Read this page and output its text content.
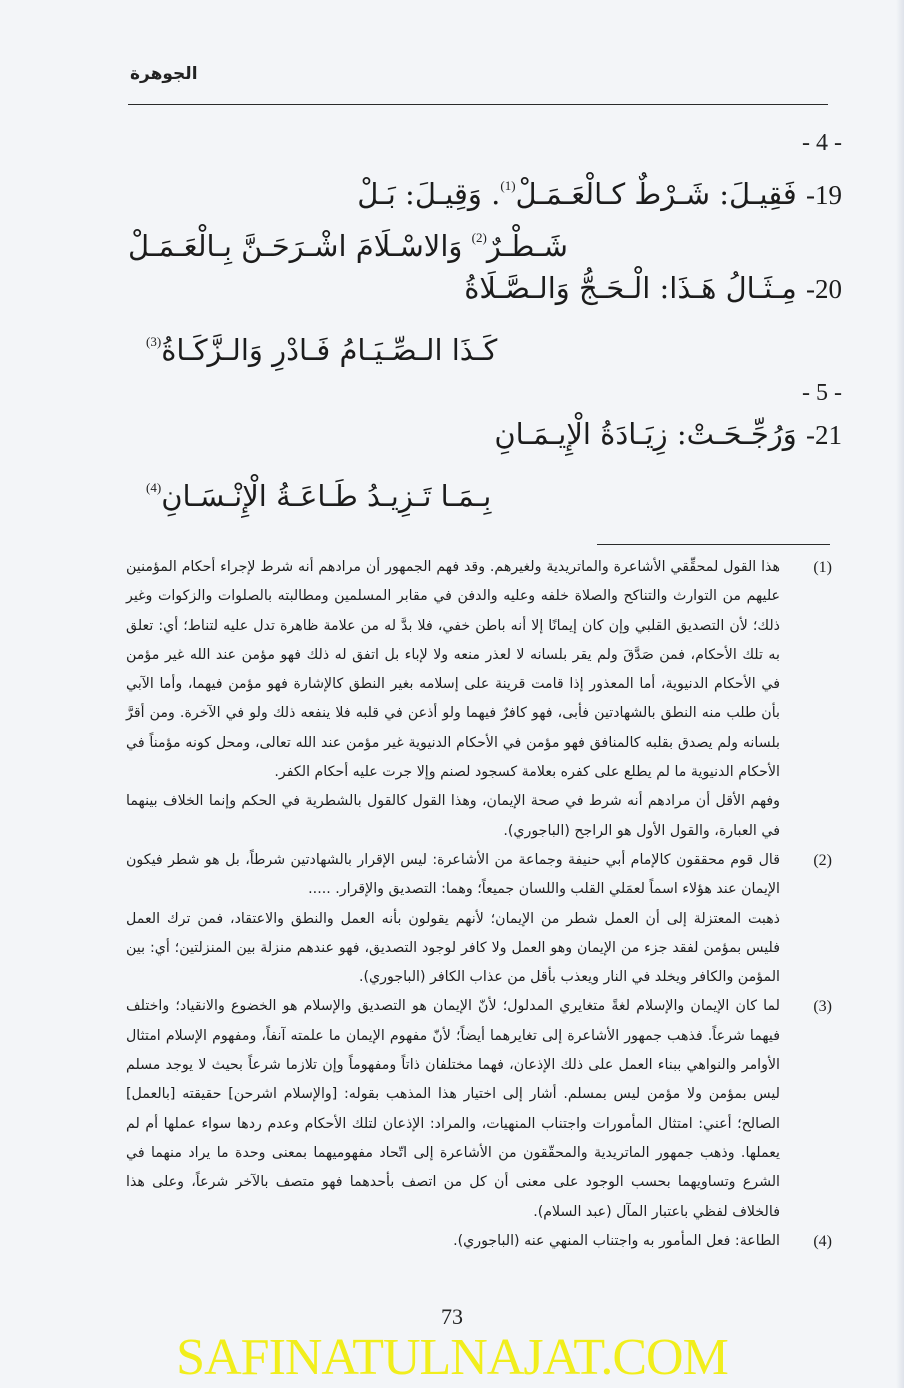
الجوهرة
- 4 -
19- فَقِيـلَ: شَـرْطٌ كـالْعَـمَـلْ$^{(1)}$. وَقِيـلَ: بَـلْ
شَـطْـرٌ$^{(2)}$ وَالاسْـلَامَ اشْـرَحَـنَّ بِـالْعَـمَـلْ
20- مِـثَـالُ هَـذَا: الْـحَـجُّ وَالـصَّـلَاةُ
كَـذَا الـصِّـيَـامُ فَـادْرِ وَالـزَّكَـاةُ$^{(3)}$
- 5 -
21- وَرُجِّـحَـتْ: زِيَـادَةُ الْإِيـمَـانِ
بِـمَـا تَـزِيـدُ طَـاعَـةُ الْإِنْـسَـانِ$^{(4)}$
(1)

هذا القول لمحقِّقي الأشاعرة والماتريدية ولغيرهم. وقد فهم الجمهور أن مرادهم أنه شرط لإجراء أحكام المؤمنين عليهم من التوارث والتناكح والصلاة خلفه وعليه والدفن في مقابر المسلمين ومطالبته بالصلوات والزكوات وغير ذلك؛ لأن التصديق القلبي وإن كان إيمانًا إلا أنه باطن خفي، فلا بدَّ له من علامة ظاهرة تدل عليه لتناط؛ أي: تعلق به تلك الأحكام، فمن صَدَّقَ ولم يقر بلسانه لا لعذر منعه ولا لإباء بل اتفق له ذلك فهو مؤمن عند الله غير مؤمن في الأحكام الدنيوية، أما المعذور إذا قامت قرينة على إسلامه بغير النطق كالإشارة فهو مؤمن فيهما، وأما الآبي بأن طلب منه النطق بالشهادتين فأبى، فهو كافرٌ فيهما ولو أذعن في قلبه فلا ينفعه ذلك ولو في الآخرة. ومن أقرَّ بلسانه ولم يصدق بقلبه كالمنافق فهو مؤمن في الأحكام الدنيوية غير مؤمن عند الله تعالى، ومحل كونه مؤمناً في الأحكام الدنيوية ما لم يطلع على كفره بعلامة كسجود لصنم وإلا جرت عليه أحكام الكفر.

وفهم الأقل أن مرادهم أنه شرط في صحة الإيمان، وهذا القول كالقول بالشطرية في الحكم وإنما الخلاف بينهما في العبارة، والقول الأول هو الراجح (الباجوري).

(2)

قال قوم محققون كالإمام أبي حنيفة وجماعة من الأشاعرة: ليس الإقرار بالشهادتين شرطاً، بل هو شطر فيكون الإيمان عند هؤلاء اسماً لعمَلي القلب واللسان جميعاً؛ وهما: التصديق والإقرار. .....

ذهبت المعتزلة إلى أن العمل شطر من الإيمان؛ لأنهم يقولون بأنه العمل والنطق والاعتقاد، فمن ترك العمل فليس بمؤمن لفقد جزء من الإيمان وهو العمل ولا كافر لوجود التصديق، فهو عندهم منزلة بين المنزلتين؛ أي: بين المؤمن والكافر ويخلد في النار ويعذب بأقل من عذاب الكافر (الباجوري).

(3)

لما كان الإيمان والإسلام لغةً متغايري المدلول؛ لأنّ الإيمان هو التصديق والإسلام هو الخضوع والانقياد؛ واختلف فيهما شرعاً. فذهب جمهور الأشاعرة إلى تغايرهما أيضاً؛ لأنّ مفهوم الإيمان ما علمته آنفاً، ومفهوم الإسلام امتثال الأوامر والنواهي ببناء العمل على ذلك الإذعان، فهما مختلفان ذاتاً ومفهوماً وإن تلازما شرعاً بحيث لا يوجد مسلم ليس بمؤمن ولا مؤمن ليس بمسلم. أشار إلى اختيار هذا المذهب بقوله: [والإسلام اشرحن] حقيقته [بالعمل] الصالح؛ أعني: امتثال المأمورات واجتناب المنهيات، والمراد: الإذعان لتلك الأحكام وعدم ردها سواء عملها أم لم يعملها. وذهب جمهور الماتريدية والمحقّقون من الأشاعرة إلى اتّحاد مفهوميهما بمعنى وحدة ما يراد منهما في الشرع وتساويهما بحسب الوجود على معنى أن كل من اتصف بأحدهما فهو متصف بالآخر شرعاً، وعلى هذا فالخلاف لفظي باعتبار المآل (عبد السلام).

(4)

الطاعة: فعل المأمور به واجتناب المنهي عنه (الباجوري).

73
SAFINATULNAJAT.COM
